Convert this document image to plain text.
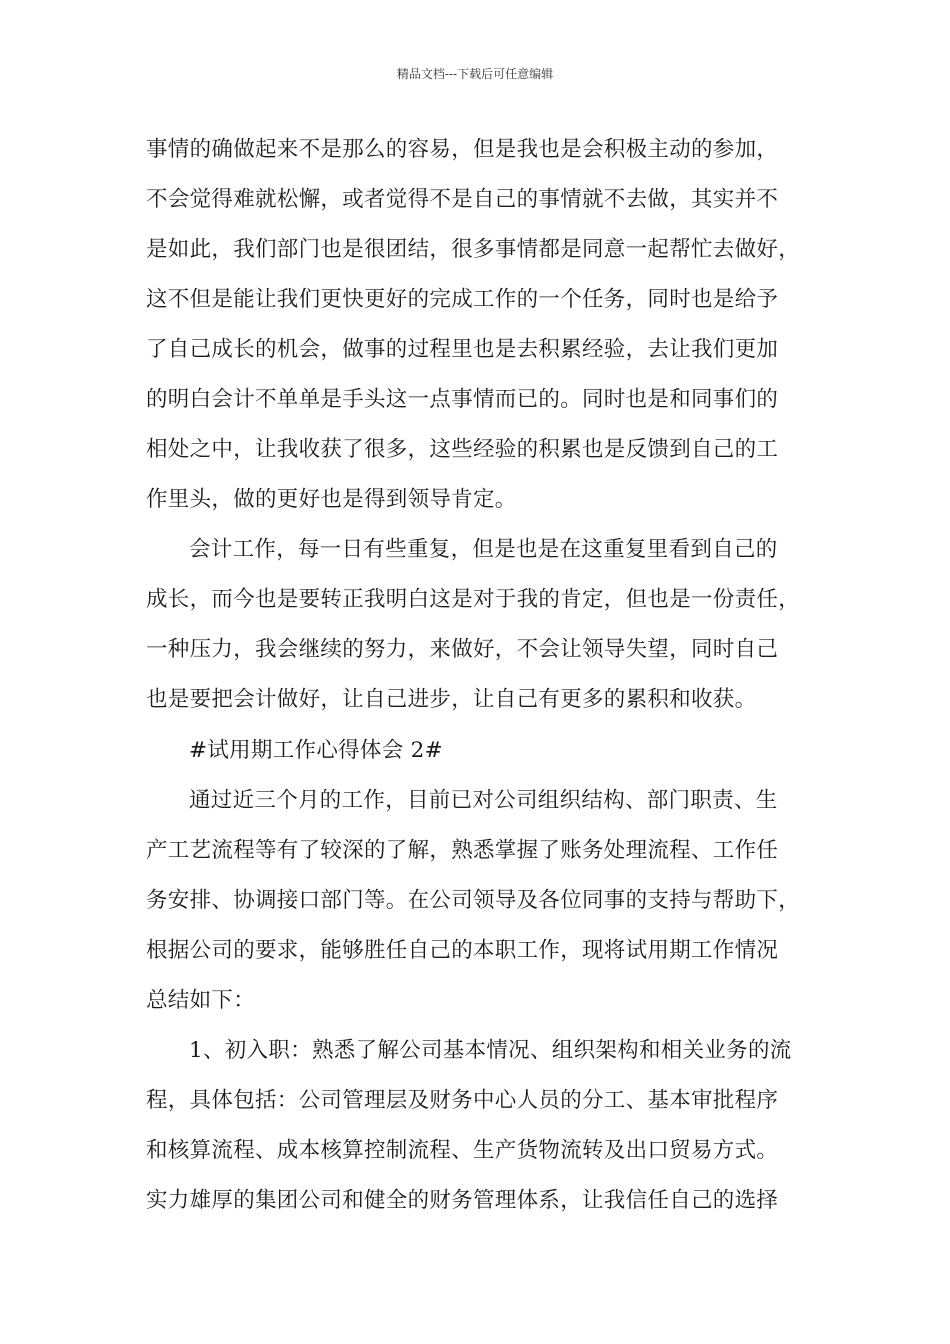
精品文档---下载后可任意编辑
事情的确做起来不是那么的容易，但是我也是会积极主动的参加，
不会觉得难就松懈，或者觉得不是自己的事情就不去做，其实并不
是如此，我们部门也是很团结，很多事情都是同意一起帮忙去做好，
这不但是能让我们更快更好的完成工作的一个任务，同时也是给予
了自己成长的机会，做事的过程里也是去积累经验，去让我们更加
的明白会计不单单是手头这一点事情而已的。同时也是和同事们的
相处之中，让我收获了很多，这些经验的积累也是反馈到自己的工
作里头，做的更好也是得到领导肯定。
会计工作，每一日有些重复，但是也是在这重复里看到自己的
成长，而今也是要转正我明白这是对于我的肯定，但也是一份责任，
一种压力，我会继续的努力，来做好，不会让领导失望，同时自己
也是要把会计做好，让自己进步，让自己有更多的累积和收获。
#试用期工作心得体会 2#
通过近三个月的工作，目前已对公司组织结构、部门职责、生
产工艺流程等有了较深的了解，熟悉掌握了账务处理流程、工作任
务安排、协调接口部门等。在公司领导及各位同事的支持与帮助下，
根据公司的要求，能够胜任自己的本职工作，现将试用期工作情况
总结如下：
1、初入职：熟悉了解公司基本情况、组织架构和相关业务的流
程，具体包括：公司管理层及财务中心人员的分工、基本审批程序
和核算流程、成本核算控制流程、生产货物流转及出口贸易方式。
实力雄厚的集团公司和健全的财务管理体系，让我信任自己的选择
